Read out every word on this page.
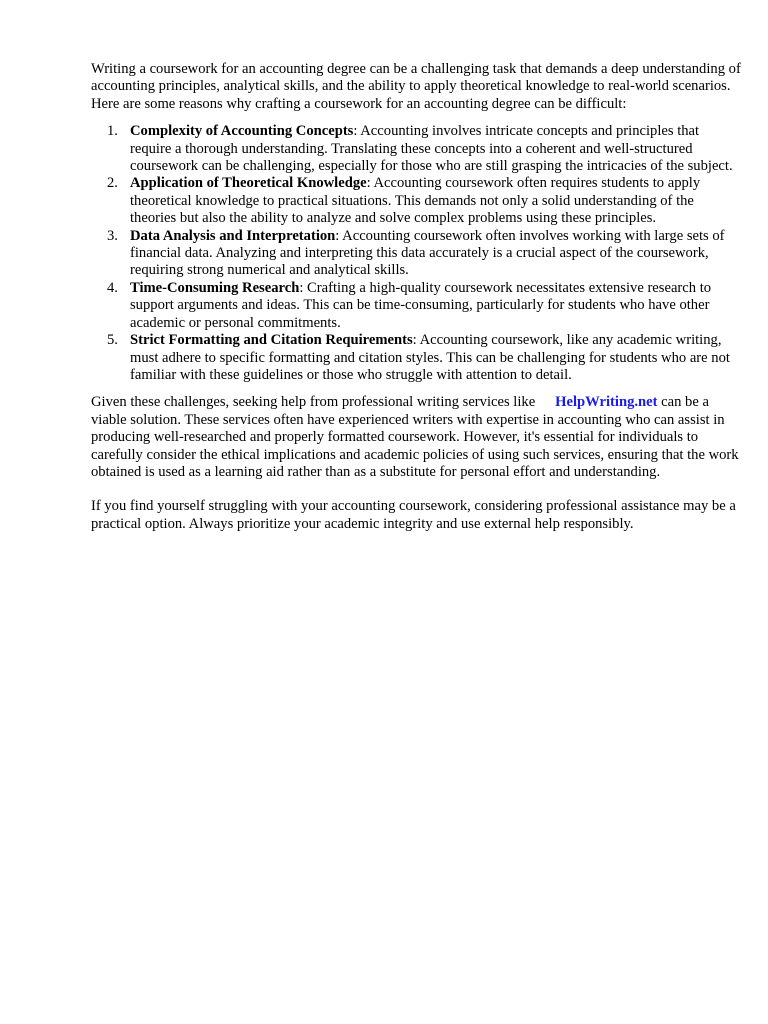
Writing a coursework for an accounting degree can be a challenging task that demands a deep understanding of accounting principles, analytical skills, and the ability to apply theoretical knowledge to real-world scenarios. Here are some reasons why crafting a coursework for an accounting degree can be difficult:

1. Complexity of Accounting Concepts: Accounting involves intricate concepts and principles that require a thorough understanding. Translating these concepts into a coherent and well-structured coursework can be challenging, especially for those who are still grasping the intricacies of the subject.
2. Application of Theoretical Knowledge: Accounting coursework often requires students to apply theoretical knowledge to practical situations. This demands not only a solid understanding of the theories but also the ability to analyze and solve complex problems using these principles.
3. Data Analysis and Interpretation: Accounting coursework often involves working with large sets of financial data. Analyzing and interpreting this data accurately is a crucial aspect of the coursework, requiring strong numerical and analytical skills.
4. Time-Consuming Research: Crafting a high-quality coursework necessitates extensive research to support arguments and ideas. This can be time-consuming, particularly for students who have other academic or personal commitments.
5. Strict Formatting and Citation Requirements: Accounting coursework, like any academic writing, must adhere to specific formatting and citation styles. This can be challenging for students who are not familiar with these guidelines or those who struggle with attention to detail.

Given these challenges, seeking help from professional writing services like HelpWriting.net can be a viable solution. These services often have experienced writers with expertise in accounting who can assist in producing well-researched and properly formatted coursework. However, it's essential for individuals to carefully consider the ethical implications and academic policies of using such services, ensuring that the work obtained is used as a learning aid rather than as a substitute for personal effort and understanding.

If you find yourself struggling with your accounting coursework, considering professional assistance may be a practical option. Always prioritize your academic integrity and use external help responsibly.
